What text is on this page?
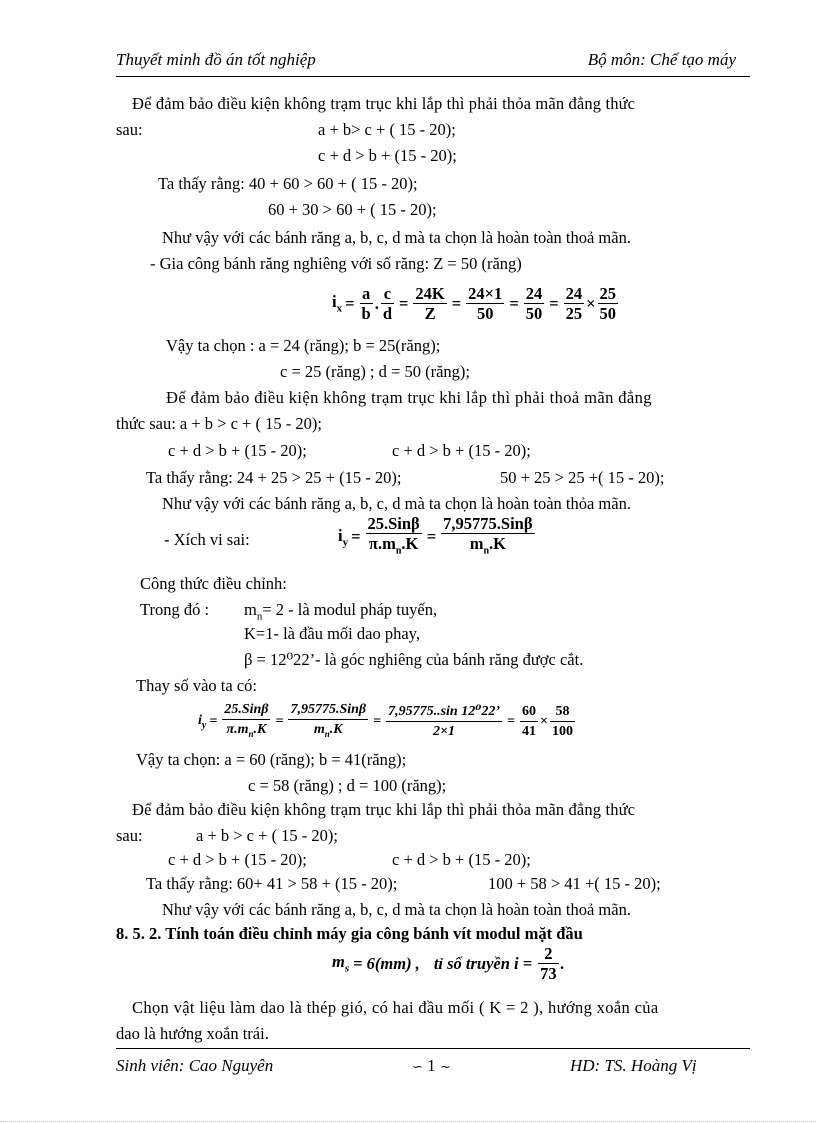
Thuyết minh đồ án tốt nghiệp	Bộ môn: Chế tạo máy
Để đảm bảo điều kiện không trạm trục khi lắp thì phải thỏa mãn đẳng thức
sau:	a + b> c + ( 15 - 20);
c + d > b + (15 - 20);
Ta thấy rằng: 40 + 60 > 60 + ( 15 - 20);
60 + 30 > 60 + ( 15 - 20);
Như vậy với các bánh răng a, b, c, d mà ta chọn là hoàn toàn thoả mãn.
- Gia công bánh răng nghiêng với số răng: Z = 50 (răng)
$i_x = \frac{a}{b}$ . $\frac{c}{d} = \frac{24K}{Z} = \frac{24\times 1}{50} = \frac{24}{50} = \frac{24}{25} \times \frac{25}{50}$
Vậy ta chọn : a = 24 (răng); b = 25(răng);
c = 25 (răng) ; d = 50 (răng);
Để đảm bảo điều kiện không trạm trục khi lắp thì phải thoả mãn đẳng
thức sau: a + b > c + ( 15 - 20);
c + d > b + (15 - 20);	c + d > b + (15 - 20);
Ta thấy rằng: 24 + 25 > 25 + (15 - 20);	50 + 25 > 25 +( 15 - 20);
Như vậy với các bánh răng a, b, c, d mà ta chọn là hoàn toàn thỏa mãn.
- Xích vi sai:	$i_y = \frac{\text{25.Sinβ}}{\pi.m_n.K} = \frac{\text{7,95775.Sinβ}}{m_n.K}$
Công thức điều chỉnh:
Trong đó : $m_n= 2$ - là modul pháp tuyến,
K=1- là đầu mối dao phay,
β = 12⁰22’- là góc nghiêng của bánh răng được cắt.
Thay số vào ta có:
$i_y = \frac{\text{25.Sinβ}}{\pi.m_n.K} = \frac{\text{7,95775.Sinβ}}{m_n.K} = \frac{\text{7,95775..sin 12⁰22’}}{2\times 1} = \frac{60}{41} \times \frac{58}{100}$
Vậy ta chọn: a = 60 (răng); b = 41(răng);
c = 58 (răng) ; d = 100 (răng);
Để đảm bảo điều kiện không trạm trục khi lắp thì phải thỏa mãn đẳng thức
sau:	a + b > c + ( 15 - 20);
c + d > b + (15 - 20);	c + d > b + (15 - 20);
Ta thấy rằng: 60+ 41 > 58 + (15 - 20);	100 + 58 > 41 +( 15 - 20);
Như vậy với các bánh răng a, b, c, d mà ta chọn là hoàn toàn thoả mãn.
8. 5. 2. Tính toán điều chỉnh máy gia công bánh vít modul mặt đầu
$m_s = 6(mm)$ , tỉ số truyền $i = \frac{2}{73}$ .
Chọn vật liệu làm dao là thép gió, có hai đầu mối ( K = 2 ), hướng xoắn của
dao là hướng xoắn trái.
Sinh viên: Cao Nguyên	∽ 1 ∼	HD: TS. Hoàng Vị
